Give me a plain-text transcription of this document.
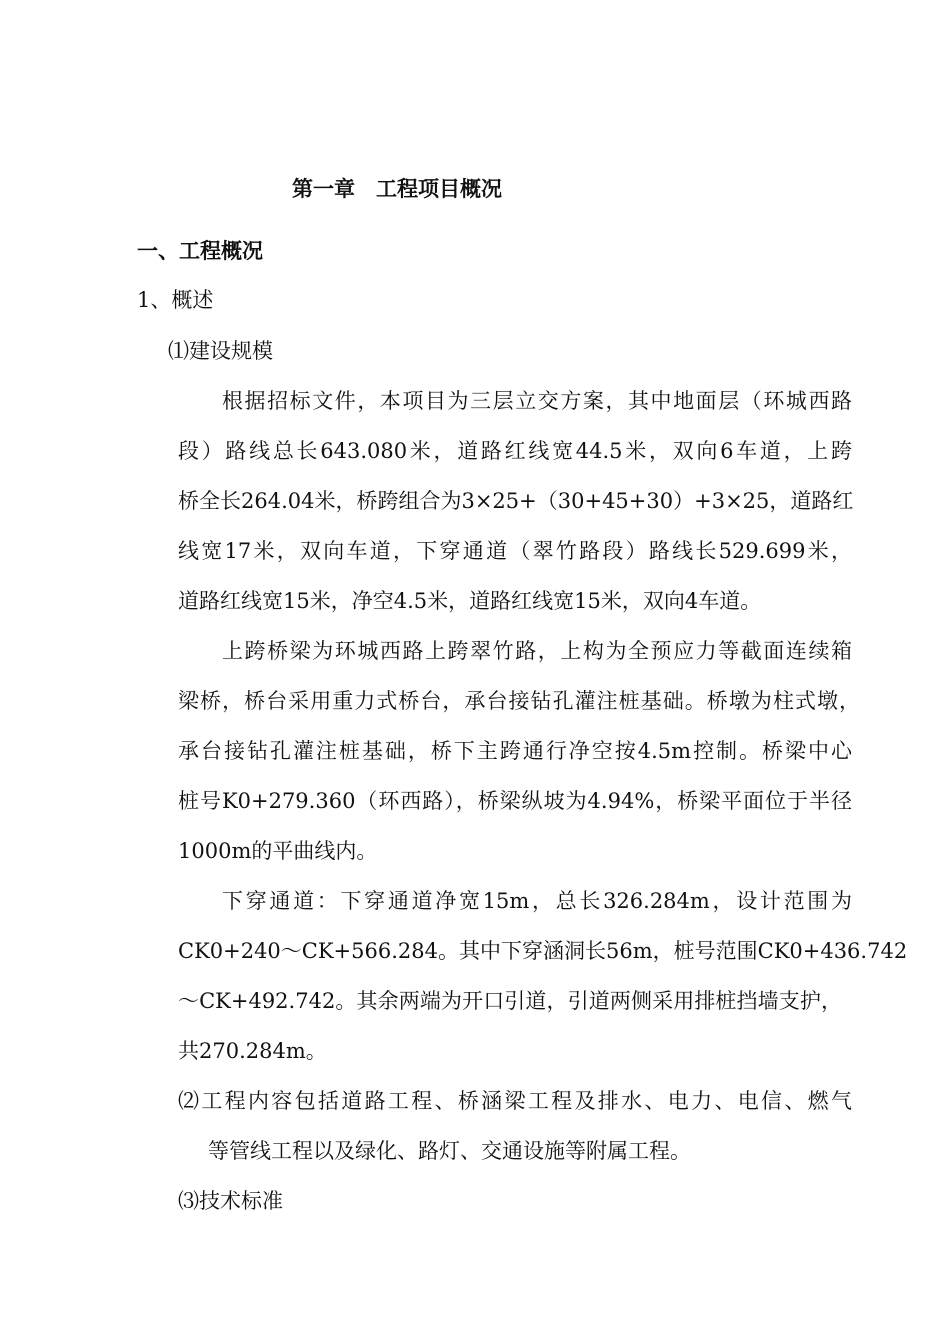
第一章　工程项目概况
一、工程概况
1、概述
⑴建设规模
根据招标文件，本项目为三层立交方案，其中地面层（环城西路
段）路线总长643.080米，道路红线宽44.5米，双向6车道，上跨
桥全长264.04米，桥跨组合为3×25+（30+45+30）+3×25，道路红
线宽17米，双向车道，下穿通道（翠竹路段）路线长529.699米，
道路红线宽15米，净空4.5米，道路红线宽15米，双向4车道。
上跨桥梁为环城西路上跨翠竹路，上构为全预应力等截面连续箱
梁桥，桥台采用重力式桥台，承台接钻孔灌注桩基础。桥墩为柱式墩，
承台接钻孔灌注桩基础，桥下主跨通行净空按4.5m控制。桥梁中心
桩号K0+279.360（环西路），桥梁纵坡为4.94%，桥梁平面位于半径
1000m的平曲线内。
下穿通道：下穿通道净宽15m，总长326.284m，设计范围为
CK0+240～CK+566.284。其中下穿涵洞长56m，桩号范围CK0+436.742
～CK+492.742。其余两端为开口引道，引道两侧采用排桩挡墙支护，
共270.284m。
⑵工程内容包括道路工程、桥涵梁工程及排水、电力、电信、燃气
等管线工程以及绿化、路灯、交通设施等附属工程。
⑶技术标准
